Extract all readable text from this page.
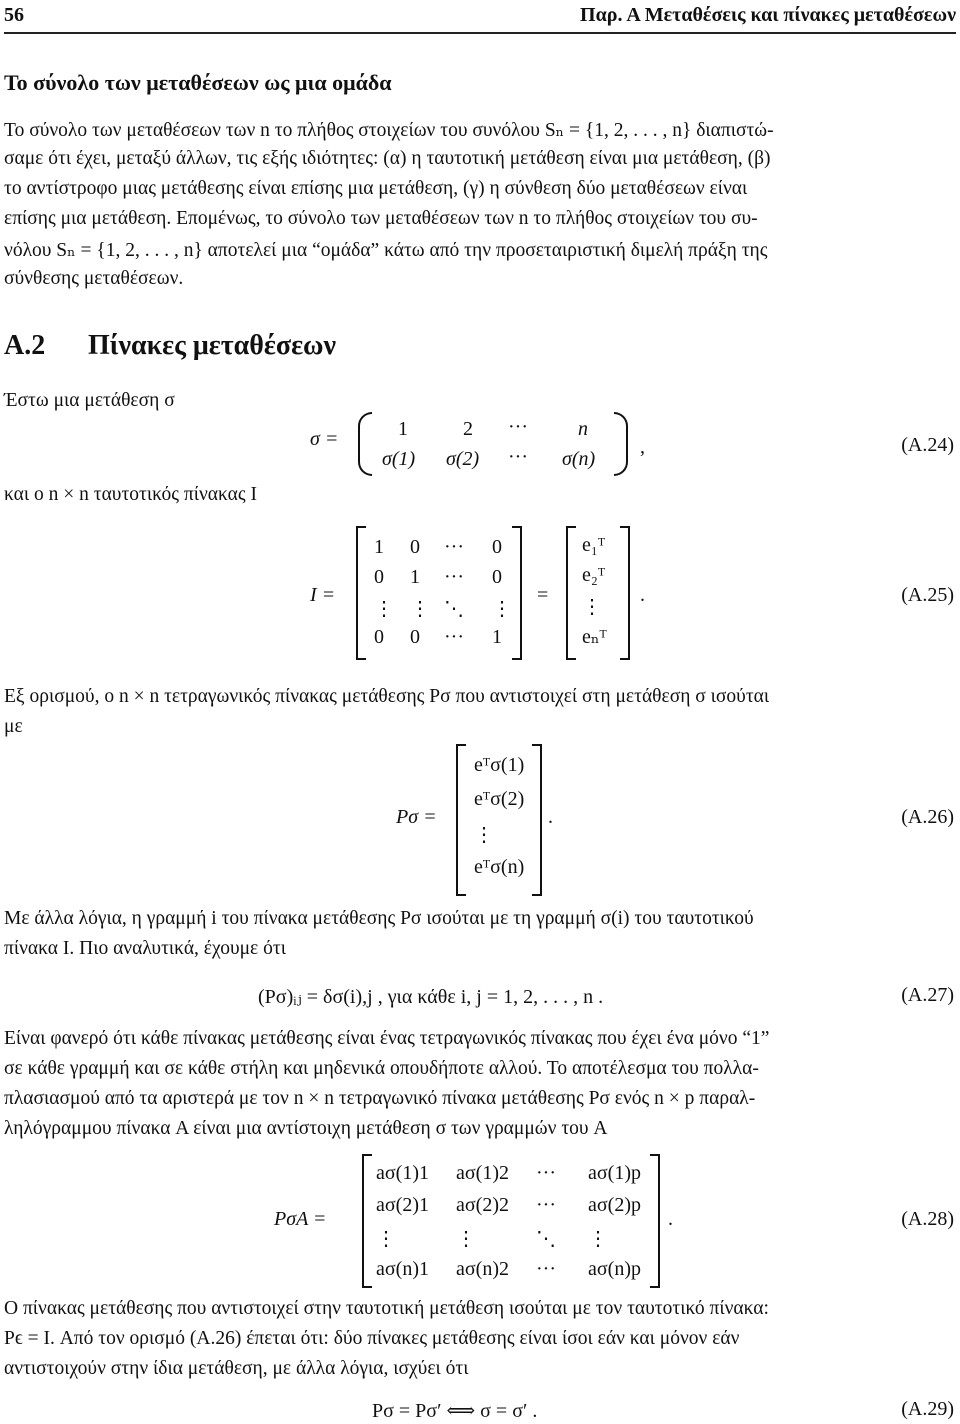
56	Παρ. Α Μεταθέσεις και πίνακες μεταθέσεων
Το σύνολο των μεταθέσεων ως μια ομάδα
Το σύνολο των μεταθέσεων των n το πλήθος στοιχείων του συνόλου Sₙ = {1, 2, . . . , n} διαπιστώ-
σαμε ότι έχει, μεταξύ άλλων, τις εξής ιδιότητες: (α) η ταυτοτική μετάθεση είναι μια μετάθεση, (β)
το αντίστροφο μιας μετάθεσης είναι επίσης μια μετάθεση, (γ) η σύνθεση δύο μεταθέσεων είναι
επίσης μια μετάθεση. Επομένως, το σύνολο των μεταθέσεων των n το πλήθος στοιχείων του συ-
νόλου Sₙ = {1, 2, . . . , n} αποτελεί μια “ομάδα” κάτω από την προσεταιριστική διμελή πράξη της
σύνθεσης μεταθέσεων.
A.2 Πίνακες μεταθέσεων
Έστω μια μετάθεση σ
σ =	1	2 ···	n
σ(1) σ(2) ··· σ(n)
,	(A.24)
και ο n × n ταυτοτικός πίνακας I
I =	=	.	(A.25)
1 0 ··· 0
0 1 ··· 0
⋮ ⋮ ⋱ ⋮
0 0 ··· 1
e₁ᵀ
e₂ᵀ
⋮
eₙᵀ
Εξ ορισμού, ο n × n τετραγωνικός πίνακας μετάθεσης Pσ που αντιστοιχεί στη μετάθεση σ ισούται
με
Pσ =	.	(A.26)
eᵀσ(1)
eᵀσ(2)
⋮
eᵀσ(n)
Με άλλα λόγια, η γραμμή i του πίνακα μετάθεσης Pσ ισούται με τη γραμμή σ(i) του ταυτοτικού
πίνακα I. Πιο αναλυτικά, έχουμε ότι
(Pσ)ᵢⱼ = δσ(i),j , για κάθε i, j = 1, 2, . . . , n .	(A.27)
Είναι φανερό ότι κάθε πίνακας μετάθεσης είναι ένας τετραγωνικός πίνακας που έχει ένα μόνο “1”
σε κάθε γραμμή και σε κάθε στήλη και μηδενικά οπουδήποτε αλλού. Το αποτέλεσμα του πολλα-
πλασιασμού από τα αριστερά με τον n × n τετραγωνικό πίνακα μετάθεσης Pσ ενός n × p παραλ-
ληλόγραμμου πίνακα A είναι μια αντίστοιχη μετάθεση σ των γραμμών του A
PσA =	.	(A.28)
aσ(1)1 aσ(1)2 ··· aσ(1)p
aσ(2)1 aσ(2)2 ··· aσ(2)p
⋮	⋮	⋱ ⋮
aσ(n)1 aσ(n)2 ··· aσ(n)p
Ο πίνακας μετάθεσης που αντιστοιχεί στην ταυτοτική μετάθεση ισούται με τον ταυτοτικό πίνακα:
Pϵ = I. Από τον ορισμό (A.26) έπεται ότι: δύο πίνακες μετάθεσης είναι ίσοι εάν και μόνον εάν
αντιστοιχούν στην ίδια μετάθεση, με άλλα λόγια, ισχύει ότι
Pσ = Pσ′ ⟺ σ = σ′ .	(A.29)
